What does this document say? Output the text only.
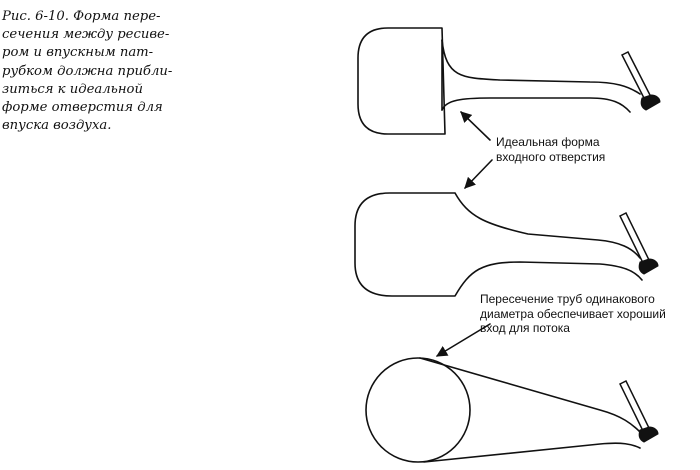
Рис. 6-10. Форма пере-
сечения между ресиве-
ром и впускным пат-
рубком должна прибли-
зиться к идеальной
форме отверстия для
впуска воздуха.
Идеальная форма
входного отверстия
Пересечение труб одинакового
диаметра обеспечивает хороший
вход для потока
